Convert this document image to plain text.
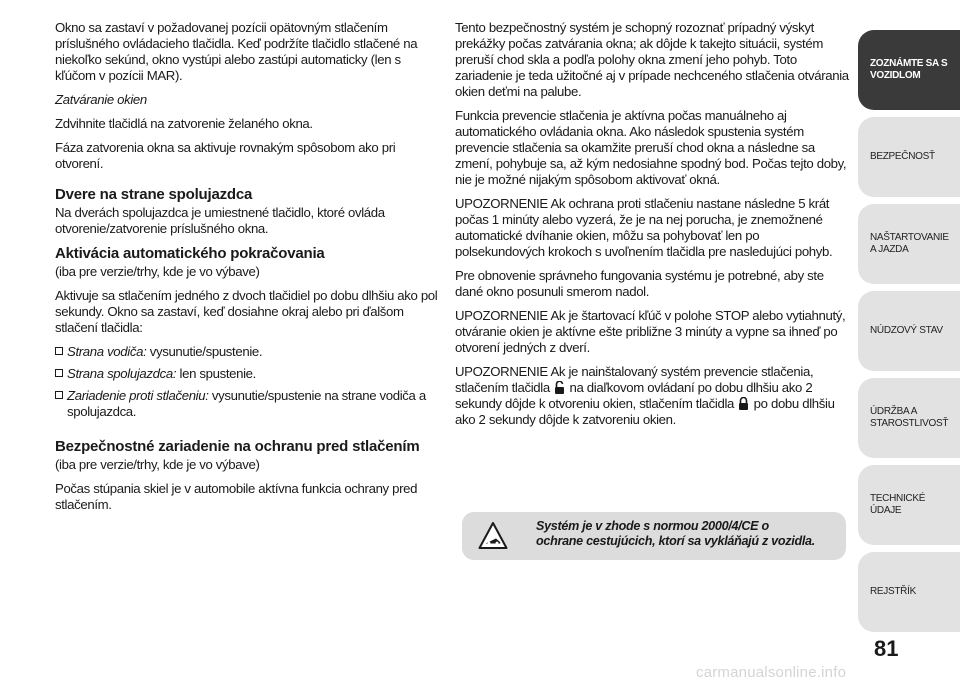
Okno sa zastaví v požadovanej pozícii opätovným stlačením príslušného ovládacieho tlačidla. Keď podržíte tlačidlo stlačené na niekoľko sekúnd, okno vystúpi alebo zastúpi automaticky (len s kľúčom v pozícii MAR).

Zatváranie okien

Zdvihnite tlačidlá na zatvorenie želaného okna.

Fáza zatvorenia okna sa aktivuje rovnakým spôsobom ako pri otvorení.

Dvere na strane spolujazdca

Na dverách spolujazdca je umiestnené tlačidlo, ktoré ovláda otvorenie/zatvorenie príslušného okna.

Aktivácia automatického pokračovania

(iba pre verzie/trhy, kde je vo výbave)

Aktivuje sa stlačením jedného z dvoch tlačidiel po dobu dlhšiu ako pol sekundy. Okno sa zastaví, keď dosiahne okraj alebo pri ďalšom stlačení tlačidla:

Strana vodiča: vysunutie/spustenie.
Strana spolujazdca: len spustenie.
Zariadenie proti stlačeniu: vysunutie/spustenie na strane vodiča a spolujazdca.
Bezpečnostné zariadenie na ochranu pred stlačením

(iba pre verzie/trhy, kde je vo výbave)

Počas stúpania skiel je v automobile aktívna funkcia ochrany pred stlačením.

Tento bezpečnostný systém je schopný rozoznať prípadný výskyt prekážky počas zatvárania okna; ak dôjde k takejto situácii, systém preruší chod skla a podľa polohy okna zmení jeho pohyb. Toto zariadenie je teda užitočné aj v prípade nechceného stlačenia otvárania okien deťmi na palube.

Funkcia prevencie stlačenia je aktívna počas manuálneho aj automatického ovládania okna. Ako následok spustenia systém prevencie stlačenia sa okamžite preruší chod okna a následne sa zmení, pohybuje sa, až kým nedosiahne spodný bod. Počas tejto doby, nie je možné nijakým spôsobom aktivovať okná.

UPOZORNENIE Ak ochrana proti stlačeniu nastane následne 5 krát počas 1 minúty alebo vyzerá, že je na nej porucha, je znemožnené automatické dvíhanie okien, môžu sa pohybovať len po polsekundových krokoch s uvoľnením tlačidla pre nasledujúci pohyb.

Pre obnovenie správneho fungovania systému je potrebné, aby ste dané okno posunuli smerom nadol.

UPOZORNENIE Ak je štartovací kľúč v polohe STOP alebo vytiahnutý, otváranie okien je aktívne ešte približne 3 minúty a vypne sa ihneď po otvorení jedných z dverí.

UPOZORNENIE Ak je nainštalovaný systém prevencie stlačenia, stlačením tlačidla  na diaľkovom ovládaní po dobu dlhšiu ako 2 sekundy dôjde k otvoreniu okien, stlačením tlačidla  po dobu dlhšiu ako 2 sekundy dôjde k zatvoreniu okien.

Systém je v zhode s normou 2000/4/CE o ochrane cestujúcich, ktorí sa vykláňajú z vozidla.
ZOZNÁMTE SA S VOZIDLOM
BEZPEČNOSŤ
NAŠTARTOVANIE A JAZDA
NÚDZOVÝ STAV
ÚDRŽBA A STAROSTLIVOSŤ
TECHNICKÉ ÚDAJE
REJSTŘÍK
81
carmanualsonline.info
